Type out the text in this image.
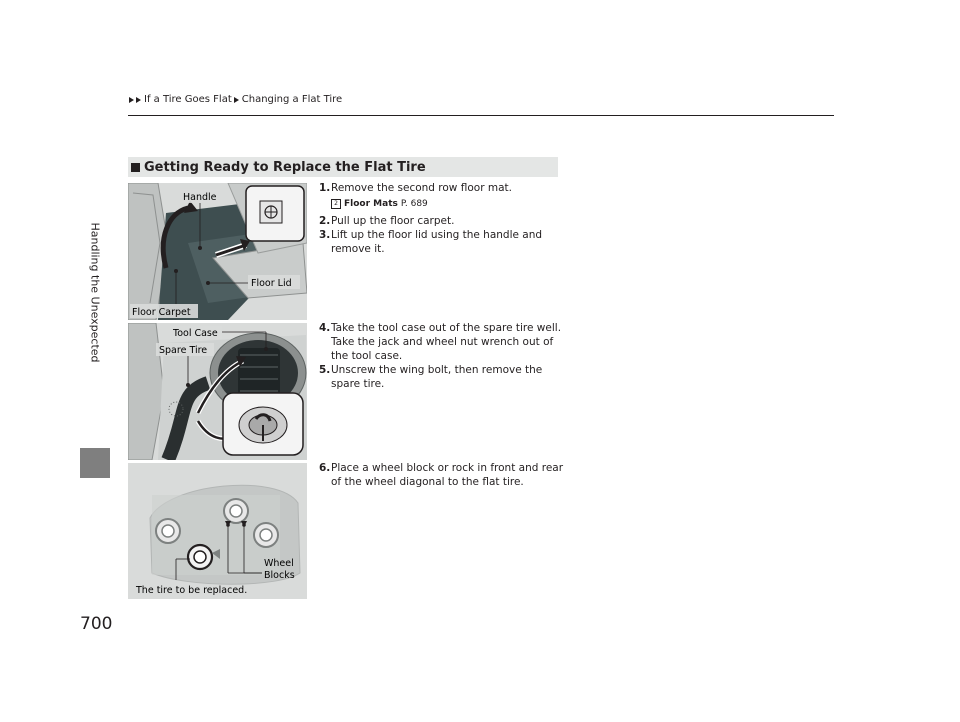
If a Tire Goes Flat Changing a Flat Tire
Handling the Unexpected
700
Getting Ready to Replace the Flat Tire
Handle
Floor Lid
Floor Carpet
Tool Case
Spare Tire
Wheel
Blocks
The tire to be replaced.
1. Remove the second row floor mat.
2 Floor Mats P. 689
2. Pull up the floor carpet.
3. Lift up the floor lid using the handle and remove it.
4. Take the tool case out of the spare tire well. Take the jack and wheel nut wrench out of the tool case.
5. Unscrew the wing bolt, then remove the spare tire.
6. Place a wheel block or rock in front and rear of the wheel diagonal to the flat tire.
